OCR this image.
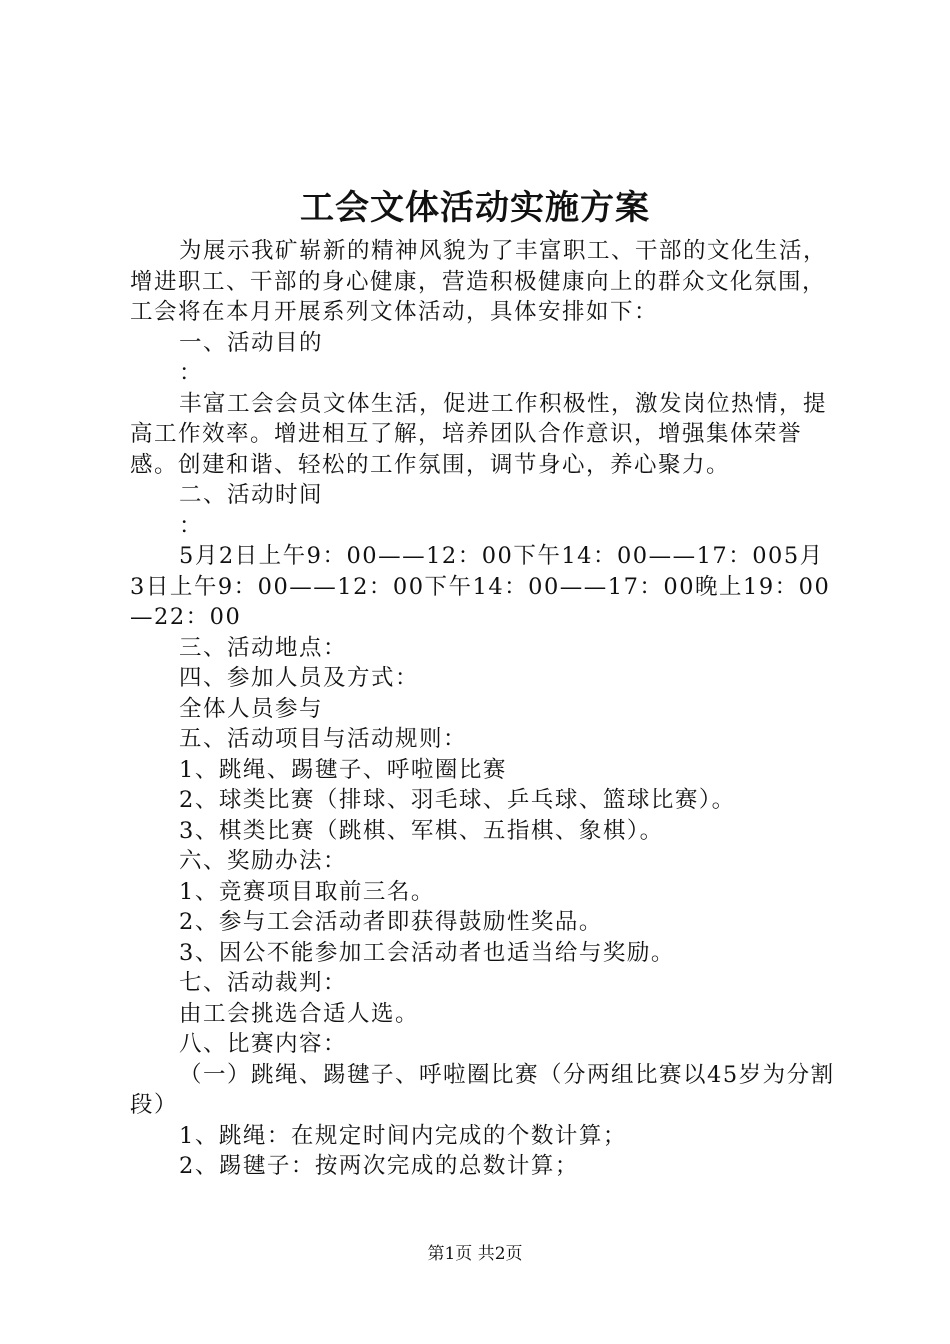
工会文体活动实施方案

为展示我矿崭新的精神风貌为了丰富职工、干部的文化生活，增进职工、干部的身心健康，营造积极健康向上的群众文化氛围，工会将在本月开展系列文体活动，具体安排如下：

一、活动目的

：

丰富工会会员文体生活，促进工作积极性，激发岗位热情，提高工作效率。增进相互了解，培养团队合作意识，增强集体荣誉感。创建和谐、轻松的工作氛围，调节身心，养心聚力。

二、活动时间

：

5月2日上午9：00——12：00下午14：00——17：005月3日上午9：00——12：00下午14：00——17：00晚上19：00—22：00

三、活动地点：

四、参加人员及方式：

全体人员参与

五、活动项目与活动规则：

1、跳绳、踢毽子、呼啦圈比赛

2、球类比赛（排球、羽毛球、乒乓球、篮球比赛）。

3、棋类比赛（跳棋、军棋、五指棋、象棋）。

六、奖励办法：

1、竞赛项目取前三名。

2、参与工会活动者即获得鼓励性奖品。

3、因公不能参加工会活动者也适当给与奖励。

七、活动裁判：

由工会挑选合适人选。

八、比赛内容：

（一）跳绳、踢毽子、呼啦圈比赛（分两组比赛以45岁为分割段）

1、跳绳：在规定时间内完成的个数计算；

2、踢毽子：按两次完成的总数计算；

第1页 共2页
